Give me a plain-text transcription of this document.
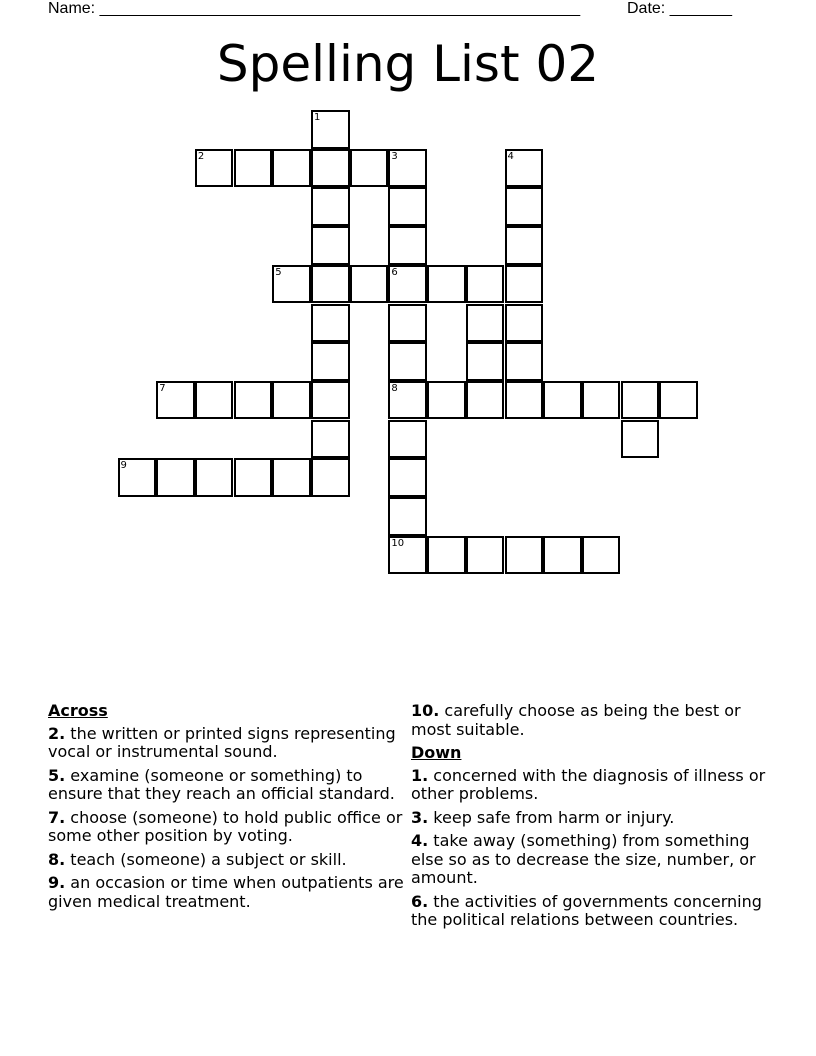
Name: ______________________________________________________	Date: _______
Spelling List 02
1
3	4
2
5	6
7	8
9
10
Across
2. the written or printed signs representing vocal or instrumental sound.
5. examine (someone or something) to ensure that they reach an official standard.
7. choose (someone) to hold public office or some other position by voting.
8. teach (someone) a subject or skill.
9. an occasion or time when outpatients are given medical treatment.
10. carefully choose as being the best or most suitable.
Down
1. concerned with the diagnosis of illness or other problems.
3. keep safe from harm or injury.
4. take away (something) from something else so as to decrease the size, number, or amount.
6. the activities of governments concerning the political relations between countries.
